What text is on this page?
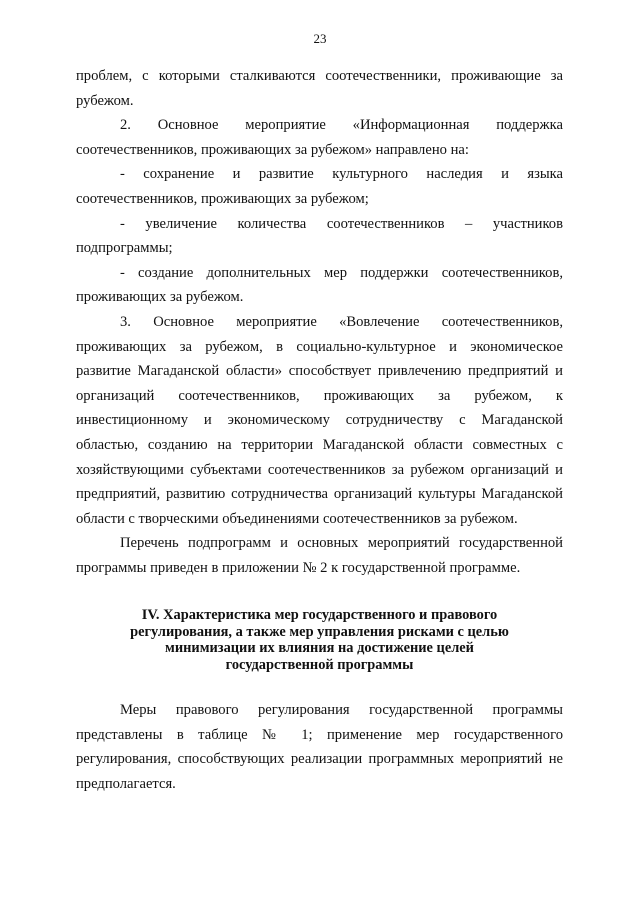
23

проблем, с которыми сталкиваются соотечественники, проживающие за рубежом.

2. Основное мероприятие «Информационная поддержка соотечественников, проживающих за рубежом» направлено на:

- сохранение и развитие культурного наследия и языка соотечественников, проживающих за рубежом;

- увеличение количества соотечественников – участников подпрограммы;

- создание дополнительных мер поддержки соотечественников, проживающих за рубежом.

3. Основное мероприятие «Вовлечение соотечественников, проживающих за рубежом, в социально-культурное и экономическое развитие Магаданской области» способствует привлечению предприятий и организаций соотечественников, проживающих за рубежом, к инвестиционному и экономическому сотрудничеству с Магаданской областью, созданию на территории Магаданской области совместных с хозяйствующими субъектами соотечественников за рубежом организаций и предприятий, развитию сотрудничества организаций культуры Магаданской области с творческими объединениями соотечественников за рубежом.

Перечень подпрограмм и основных мероприятий государственной программы приведен в приложении № 2 к государственной программе.

IV. Характеристика мер государственного и правового
регулирования, а также мер управления рисками с целью
минимизации их влияния на достижение целей
государственной программы

Меры правового регулирования государственной программы представлены в таблице № 1; применение мер государственного регулирования, способствующих реализации программных мероприятий не предполагается.
